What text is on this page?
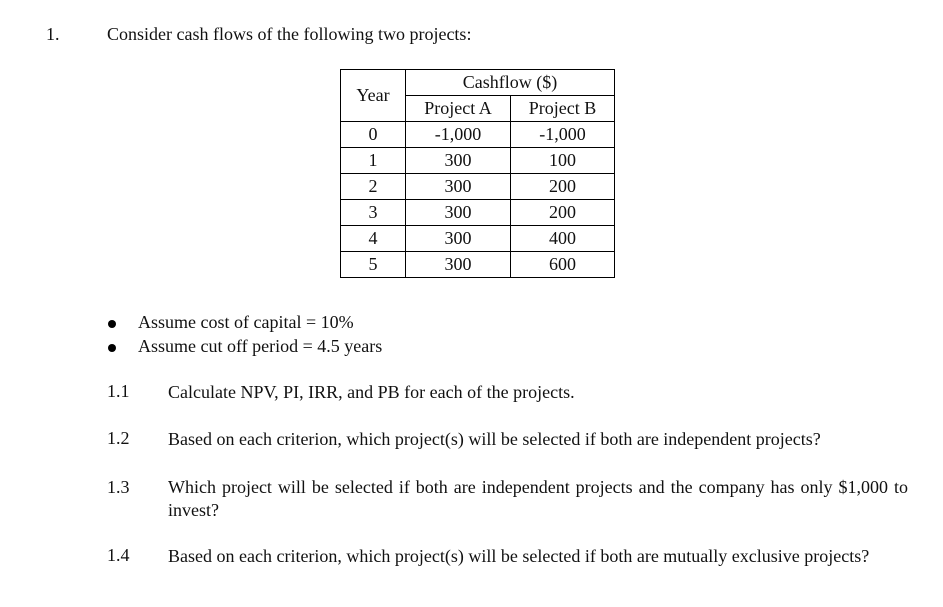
1.	Consider cash flows of the following two projects:
Year	Cashflow ($)	
	Project A	Project B
0	-1,000	-1,000
1	300	100
2	300	200
3	300	200
4	300	400
5	300	600
Assume cost of capital = 10%
Assume cut off period = 4.5 years
1.1 Calculate NPV, PI, IRR, and PB for each of the projects.
1.2 Based on each criterion, which project(s) will be selected if both are independent projects?
1.3 Which project will be selected if both are independent projects and the company has only $1,000 to invest?
1.4 Based on each criterion, which project(s) will be selected if both are mutually exclusive projects?
